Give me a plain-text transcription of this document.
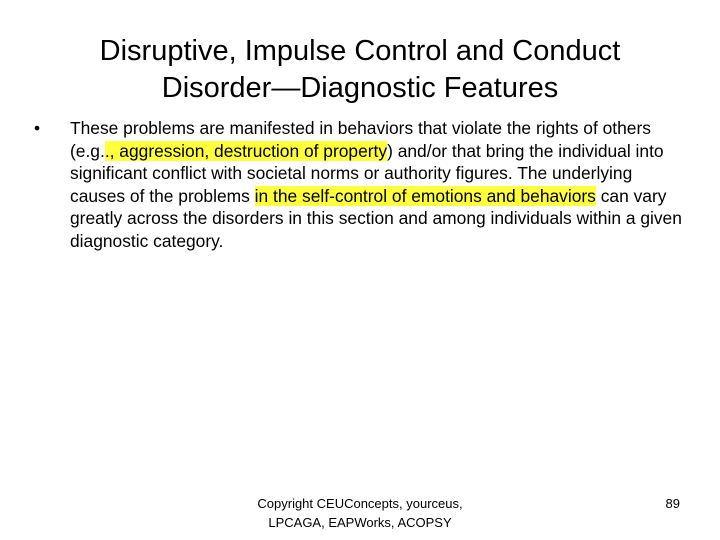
Disruptive, Impulse Control and Conduct
Disorder—Diagnostic Features
• These problems are manifested in behaviors that violate the rights of others (e.g.., aggression, destruction of property) and/or that bring the individual into significant conflict with societal norms or authority figures. The underlying causes of the problems in the self-control of emotions and behaviors can vary greatly across the disorders in this section and among individuals within a given diagnostic category.
Copyright CEUConcepts, yourceus, LPCAGA, EAPWorks, ACOPSY
89
